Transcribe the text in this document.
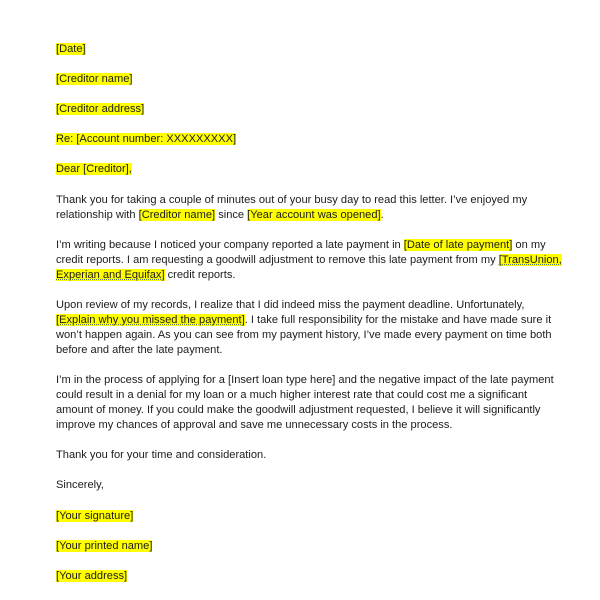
[Date]
[Creditor name]
[Creditor address]
Re: [Account number: XXXXXXXXX]
Dear [Creditor],
Thank you for taking a couple of minutes out of your busy day to read this letter. I’ve enjoyed my
relationship with [Creditor name] since [Year account was opened].
I’m writing because I noticed your company reported a late payment in [Date of late payment] on my
credit reports. I am requesting a goodwill adjustment to remove this late payment from my [TransUnion,
Experian and Equifax] credit reports.
Upon review of my records, I realize that I did indeed miss the payment deadline. Unfortunately,
[Explain why you missed the payment]. I take full responsibility for the mistake and have made sure it
won’t happen again. As you can see from my payment history, I’ve made every payment on time both
before and after the late payment.
I’m in the process of applying for a [Insert loan type here] and the negative impact of the late payment
could result in a denial for my loan or a much higher interest rate that could cost me a significant
amount of money. If you could make the goodwill adjustment requested, I believe it will significantly
improve my chances of approval and save me unnecessary costs in the process.
Thank you for your time and consideration.
Sincerely,
[Your signature]
[Your printed name]
[Your address]
